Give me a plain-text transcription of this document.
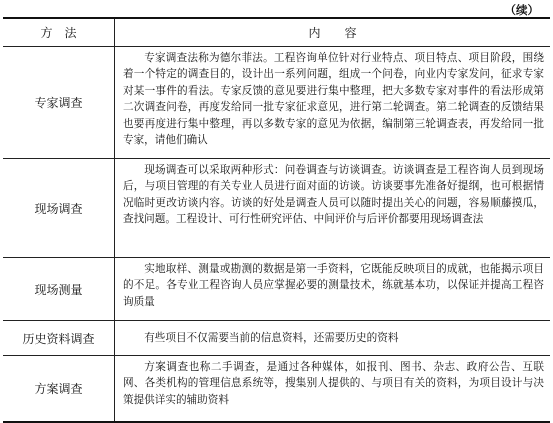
（续）
方　法	内　　容
专家调查	专家调查法称为德尔菲法。工程咨询单位针对行业特点、项目特点、项目阶段，围绕着一个特定的调查目的，设计出一系列问题，组成一个问卷，向业内专家发问，征求专家对某一事件的看法。专家反馈的意见要进行集中整理，把大多数专家对事件的看法形成第二次调查问卷，再度发给同一批专家征求意见，进行第二轮调查。第二轮调查的反馈结果也要再度进行集中整理，再以多数专家的意见为依据，编制第三轮调查表，再发给同一批专家，请他们确认

现场调查	现场调查可以采取两种形式：问卷调查与访谈调查。访谈调查是工程咨询人员到现场后，与项目管理的有关专业人员进行面对面的访谈。访谈要事先准备好提纲，也可根据情况临时更改访谈内容。访谈的好处是调查人员可以随时提出关心的问题，容易顺藤摸瓜，查找问题。工程设计、可行性研究评估、中间评价与后评价都要用现场调查法

现场测量	实地取样、测量或勘测的数据是第一手资料，它既能反映项目的成就，也能揭示项目的不足。各专业工程咨询人员应掌握必要的测量技术，练就基本功，以保证并提高工程咨询质量

历史资料调查	有些项目不仅需要当前的信息资料，还需要历史的资料

方案调查	方案调查也称二手调查，是通过各种媒体，如报刊、图书、杂志、政府公告、互联网、各类机构的管理信息系统等，搜集别人提供的、与项目有关的资料，为项目设计与决策提供详实的辅助资料
